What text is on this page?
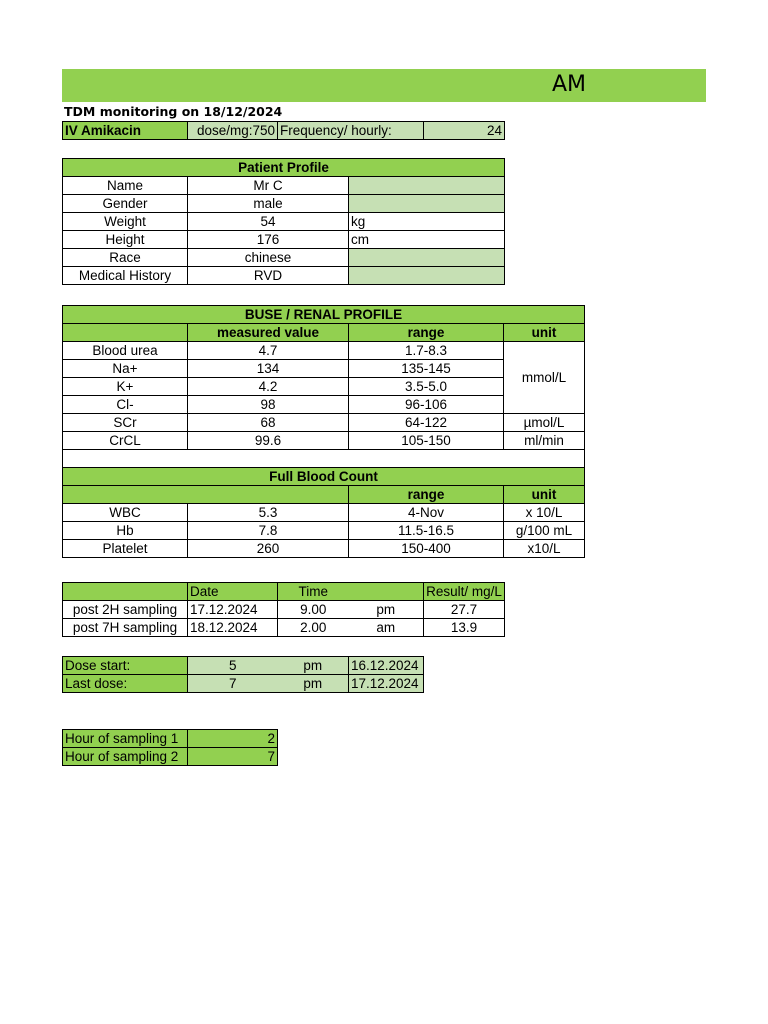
AM
TDM monitoring on 18/12/2024
IV Amikacin	dose/mg:750	Frequency/ hourly:	24
Patient Profile		
Name	Mr C	
Gender	male	
Weight	54	kg
Height	176	cm
Race	chinese	
Medical History	RVD	
BUSE / RENAL PROFILE			
	measured value	range	unit
Blood urea	4.7	1.7-8.3	mmol/L
Na+	134	135-145	
K+	4.2	3.5-5.0	
Cl-	98	96-106	
SCr	68	64-122	µmol/L
CrCL	99.6	105-150	ml/min

Full Blood Count			
		range	unit
WBC	5.3	4-Nov	x 10/L
Hb	7.8	11.5-16.5	g/100 mL
Platelet	260	150-400	x10/L
	Date	Time		Result/ mg/L
post 2H sampling	17.12.2024	9.00	pm	27.7
post 7H sampling	18.12.2024	2.00	am	13.9
Dose start:	5	pm	16.12.2024
Last dose:	7	pm	17.12.2024
Hour of sampling 1	2
Hour of sampling 2	7
